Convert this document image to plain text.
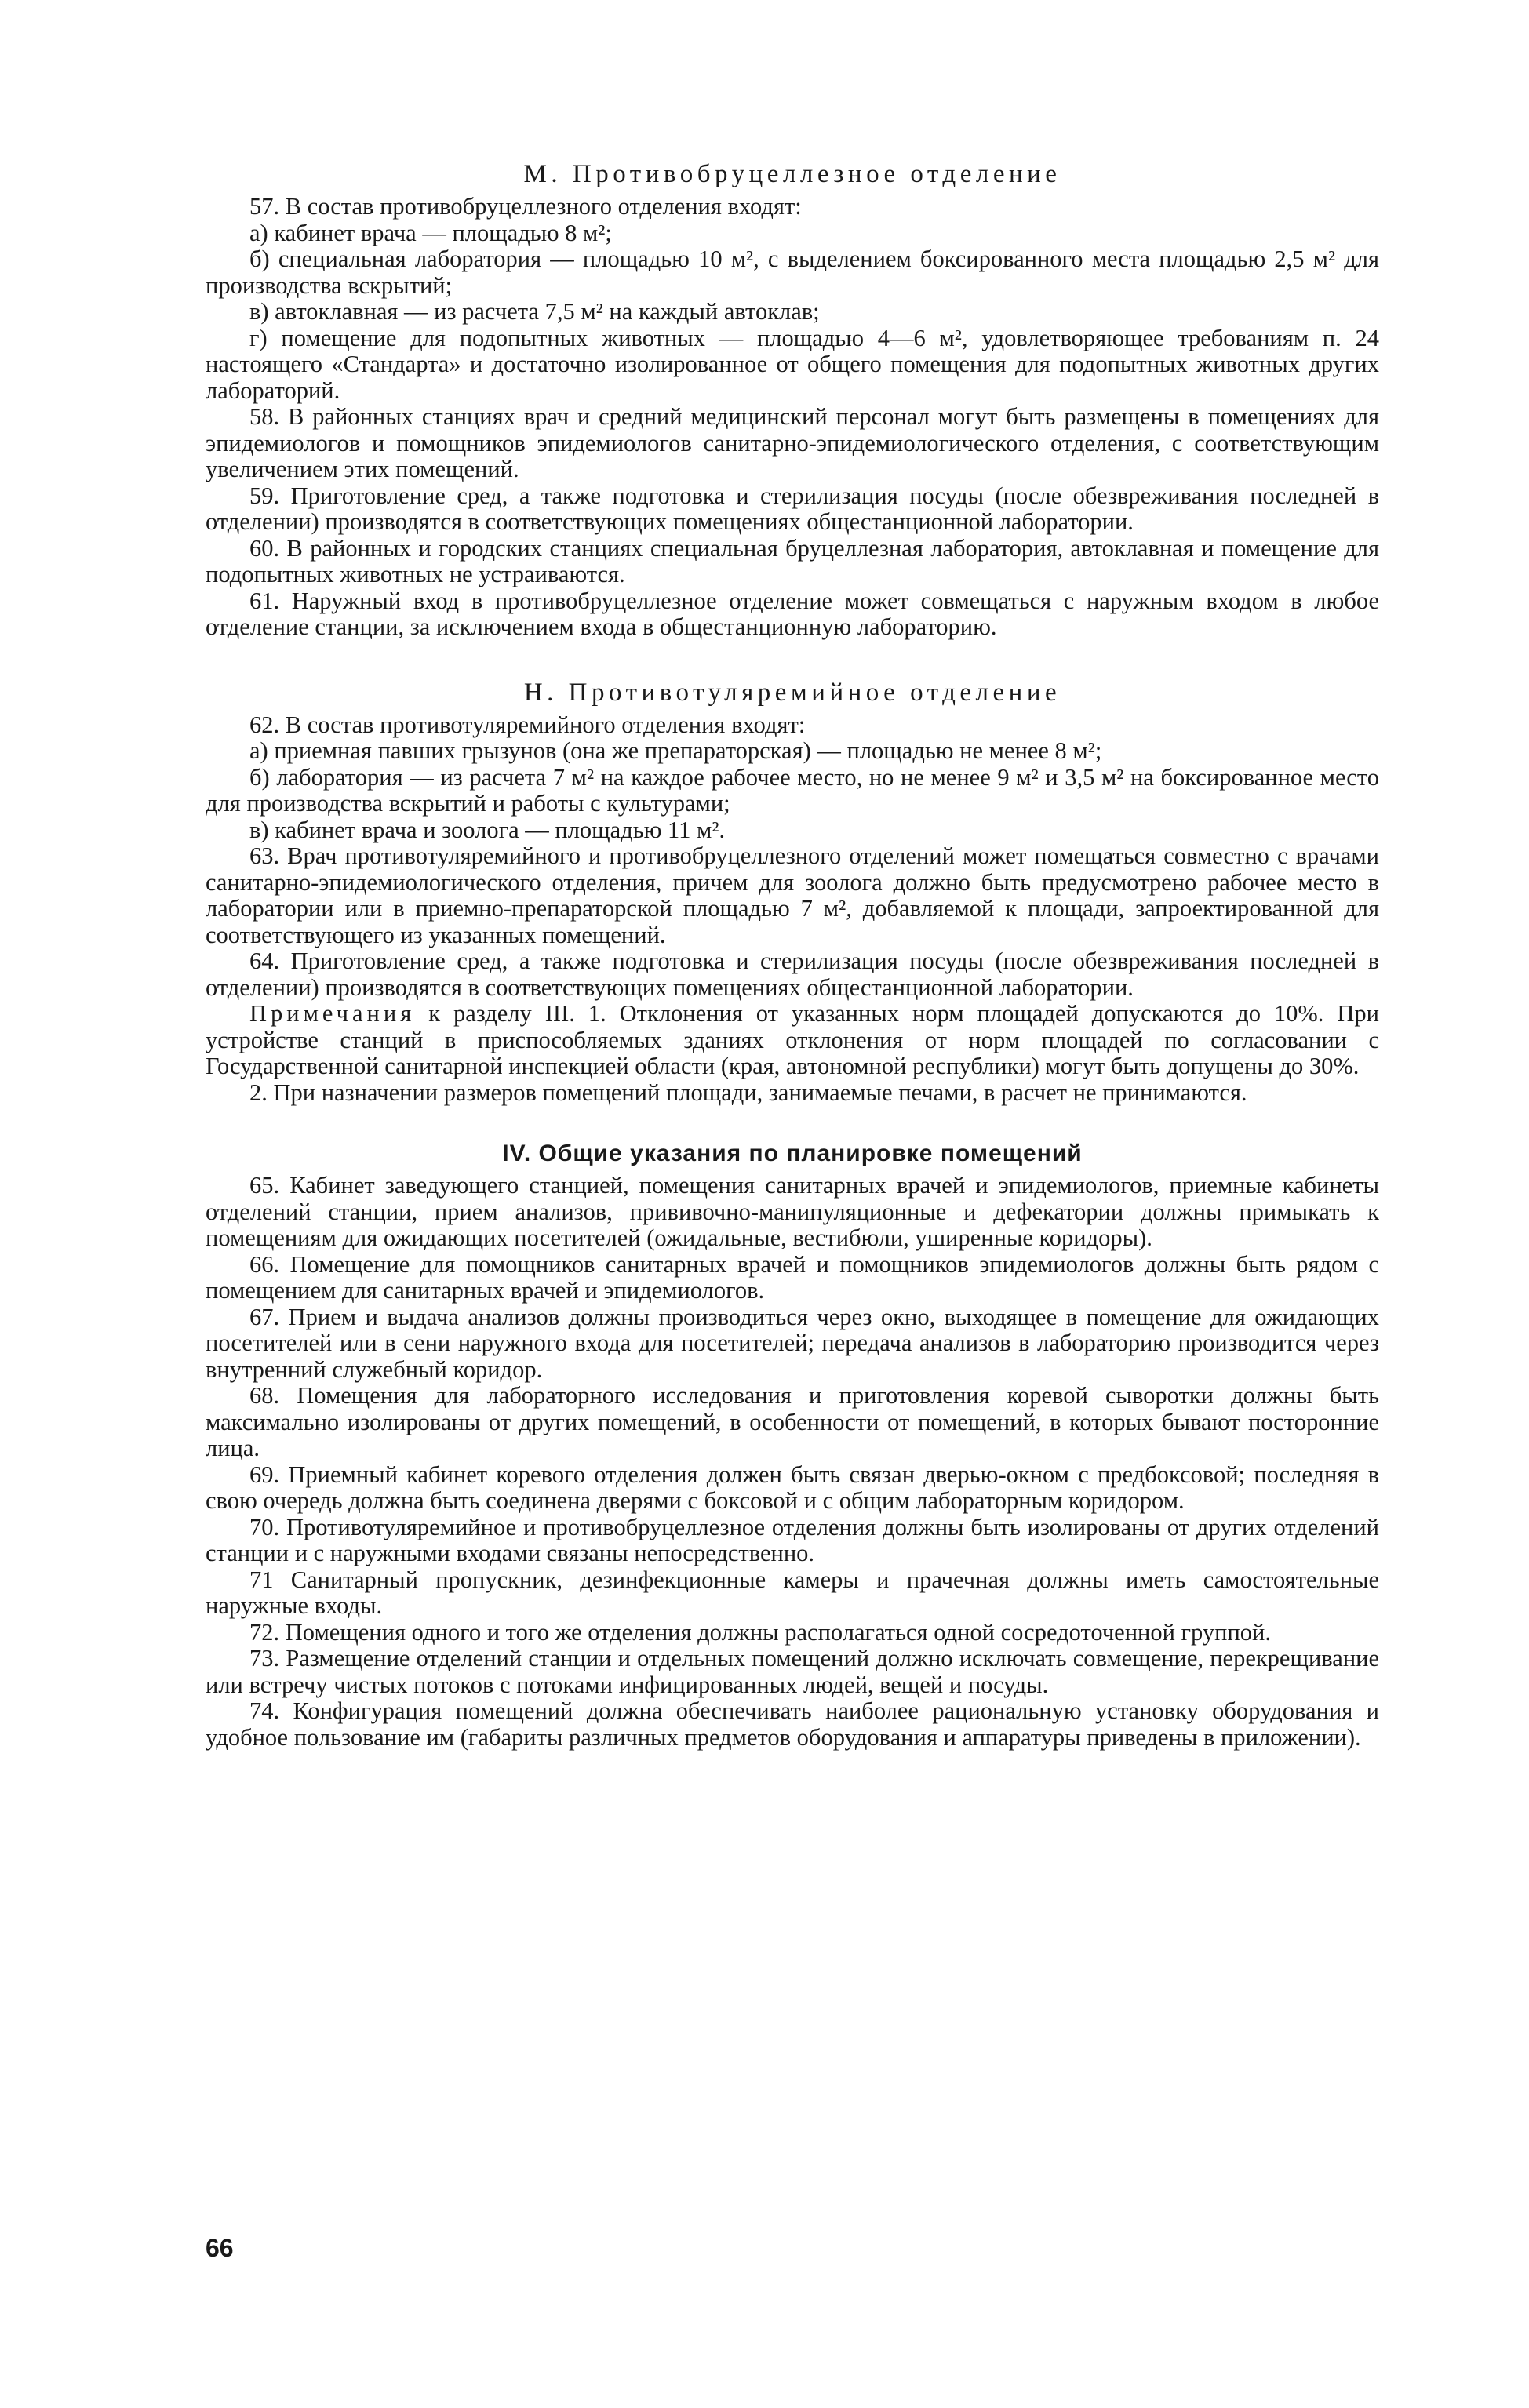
М. Противобруцеллезное отделение

57. В состав противобруцеллезного отделения входят:

а) кабинет врача — площадью 8 м²;

б) специальная лаборатория — площадью 10 м², с выделением боксированного места площадью 2,5 м² для производства вскрытий;

в) автоклавная — из расчета 7,5 м² на каждый автоклав;

г) помещение для подопытных животных — площадью 4—6 м², удовлетворяющее требованиям п. 24 настоящего «Стандарта» и достаточно изолированное от общего помещения для подопытных животных других лабораторий.

58. В районных станциях врач и средний медицинский персонал могут быть размещены в помещениях для эпидемиологов и помощников эпидемиологов санитарно-эпидемиологического отделения, с соответствующим увеличением этих помещений.

59. Приготовление сред, а также подготовка и стерилизация посуды (после обезвреживания последней в отделении) производятся в соответствующих помещениях общестанционной лаборатории.

60. В районных и городских станциях специальная бруцеллезная лаборатория, автоклавная и помещение для подопытных животных не устраиваются.

61. Наружный вход в противобруцеллезное отделение может совмещаться с наружным входом в любое отделение станции, за исключением входа в общестанционную лабораторию.

Н. Противотуляремийное отделение

62. В состав противотуляремийного отделения входят:

а) приемная павших грызунов (она же препараторская) — площадью не менее 8 м²;

б) лаборатория — из расчета 7 м² на каждое рабочее место, но не менее 9 м² и 3,5 м² на боксированное место для производства вскрытий и работы с культурами;

в) кабинет врача и зоолога — площадью 11 м².

63. Врач противотуляремийного и противобруцеллезного отделений может помещаться совместно с врачами санитарно-эпидемиологического отделения, причем для зоолога должно быть предусмотрено рабочее место в лаборатории или в приемно-препараторской площадью 7 м², добавляемой к площади, запроектированной для соответствующего из указанных помещений.

64. Приготовление сред, а также подготовка и стерилизация посуды (после обезвреживания последней в отделении) производятся в соответствующих помещениях общестанционной лаборатории.

Примечания к разделу III. 1. Отклонения от указанных норм площадей допускаются до 10%. При устройстве станций в приспособляемых зданиях отклонения от норм площадей по согласовании с Государственной санитарной инспекцией области (края, автономной республики) могут быть допущены до 30%.

2. При назначении размеров помещений площади, занимаемые печами, в расчет не принимаются.

IV. Общие указания по планировке помещений

65. Кабинет заведующего станцией, помещения санитарных врачей и эпидемиологов, приемные кабинеты отделений станции, прием анализов, прививочно-манипуляционные и дефекатории должны примыкать к помещениям для ожидающих посетителей (ожидальные, вестибюли, уширенные коридоры).

66. Помещение для помощников санитарных врачей и помощников эпидемиологов должны быть рядом с помещением для санитарных врачей и эпидемиологов.

67. Прием и выдача анализов должны производиться через окно, выходящее в помещение для ожидающих посетителей или в сени наружного входа для посетителей; передача анализов в лабораторию производится через внутренний служебный коридор.

68. Помещения для лабораторного исследования и приготовления коревой сыворотки должны быть максимально изолированы от других помещений, в особенности от помещений, в которых бывают посторонние лица.

69. Приемный кабинет коревого отделения должен быть связан дверью-окном с предбоксовой; последняя в свою очередь должна быть соединена дверями с боксовой и с общим лабораторным коридором.

70. Противотуляремийное и противобруцеллезное отделения должны быть изолированы от других отделений станции и с наружными входами связаны непосредственно.

71 Санитарный пропускник, дезинфекционные камеры и прачечная должны иметь самостоятельные наружные входы.

72. Помещения одного и того же отделения должны располагаться одной сосредоточенной группой.

73. Размещение отделений станции и отдельных помещений должно исключать совмещение, перекрещивание или встречу чистых потоков с потоками инфицированных людей, вещей и посуды.

74. Конфигурация помещений должна обеспечивать наиболее рациональную установку оборудования и удобное пользование им (габариты различных предметов оборудования и аппаратуры приведены в приложении).

66
